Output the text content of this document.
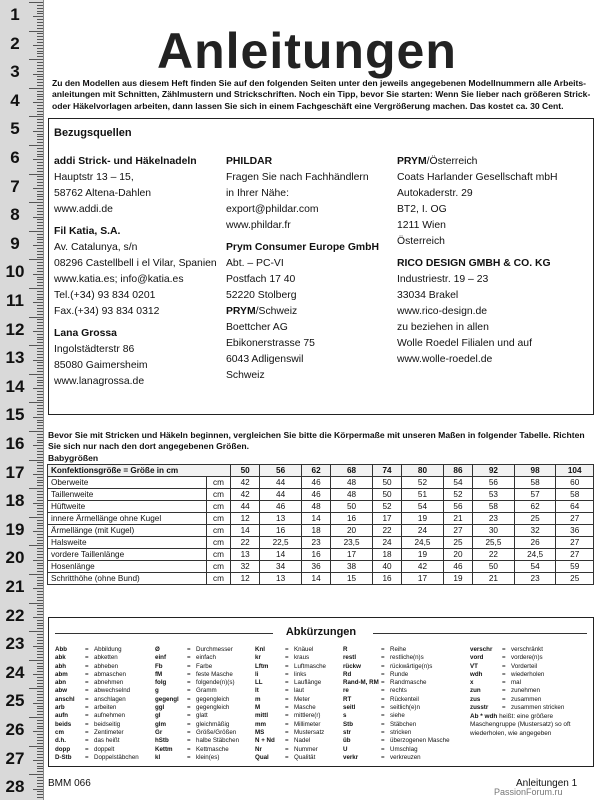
1
2
3
4
5
6
7
8
9
10
11
12
13
14
15
16
17
18
19
20
21
22
23
24
25
26
27
28
Anleitungen
Zu den Modellen aus diesem Heft finden Sie auf den folgenden Seiten unter den jeweils angegebenen Modellnummern alle Arbeitsanleitungen mit Schnitten, Zählmustern und Strickschriften. Noch ein Tipp, bevor Sie starten: Wenn Sie lieber nach größeren Strick- oder Häkelvorlagen arbeiten, dann lassen Sie sich in einem Fachgeschäft eine Vergrößerung machen. Das kostet ca. 30 Cent.
Bezugsquellen
addi Strick- und Häkelnadeln
Hauptstr 13 – 15,
58762 Altena-Dahlen
www.addi.de
Fil Katia, S.A.
Av. Catalunya, s/n
08296 Castellbell i el Vilar, Spanien
www.katia.es; info@katia.es
Tel.(+34) 93 834 0201
Fax.(+34) 93 834 0312
Lana Grossa
Ingolstädterstr 86
85080 Gaimersheim
www.lanagrossa.de
PHILDAR
Fragen Sie nach Fachhändlern
in Ihrer Nähe:
export@phildar.com
www.phildar.fr
Prym Consumer Europe GmbH
Abt. – PC-VI
Postfach 17 40
52220 Stolberg
PRYM/Schweiz
Boettcher AG
Ebikonerstrasse 75
6043 Adligenswil
Schweiz
PRYM/Österreich
Coats Harlander Gesellschaft mbH
Autokaderstr. 29
BT2, I. OG
1211 Wien
Österreich
RICO DESIGN GMBH & CO. KG
Industriestr. 19 – 23
33034 Brakel
www.rico-design.de
zu beziehen in allen
Wolle Roedel Filialen und auf
www.wolle-roedel.de
Bevor Sie mit Stricken und Häkeln beginnen, vergleichen Sie bitte die Körpermaße mit unseren Maßen in folgender Tabelle. Richten Sie sich nur nach den dort angegebenen Größen.
Babygrößen
Konfektionsgröße = Größe in cm		50	56	62	68	74	80	86	92	98	104
Oberweite	cm	42	44	46	48	50	52	54	56	58	60
Taillenweite	cm	42	44	46	48	50	51	52	53	57	58
Hüftweite	cm	44	46	48	50	52	54	56	58	62	64
innere Ärmellänge ohne Kugel	cm	12	13	14	16	17	19	21	23	25	27
Ärmellänge (mit Kugel)	cm	14	16	18	20	22	24	27	30	32	36
Halsweite	cm	22	22,5	23	23,5	24	24,5	25	25,5	26	27
vordere Taillenlänge	cm	13	14	16	17	18	19	20	22	24,5	27
Hosenlänge	cm	32	34	36	38	40	42	46	50	54	59
Schritthöhe (ohne Bund)	cm	12	13	14	15	16	17	19	21	23	25
Abkürzungen
Abb	= Abbildung
abk	= abketten
abh	= abheben
abm	= abmaschen
abn	= abnehmen
abw	= abwechselnd
anschl	= anschlagen
arb	= arbeiten
aufn	= aufnehmen
beids	= beidseitig
cm	= Zentimeter
d.h.	= das heißt
dopp	= doppelt
D-Stb	= Doppelstäbchen
Ø	= Durchmesser
einf	= einfach
Fb	= Farbe
fM	= feste Masche
folg	= folgende(n)(s)
g	= Gramm
gegengl	= gegengleich
ggl	= gegengleich
gl	= glatt
glm	= gleichmäßig
Gr	= Größe/Größen
hStb	= halbe Stäbchen
Kettm	= Kettmasche
kl	= klein(es)
Knl	= Knäuel
kr	= kraus
Lftm	= Luftmasche
li	= links
LL	= Lauflänge
lt	= laut
m	= Meter
M	= Masche
mittl	= mittlere(r)
mm	= Millimeter
MS	= Mustersatz
N + Nd	= Nadel
Nr	= Nummer
Qual	= Qualität
R	= Reihe
restl	= restliche(n)s
rückw	= rückwärtige(n)s
Rd	= Runde
Rand-M, RM = Randmasche
re	= rechts
RT	= Rückenteil
seitl	= seitlich(e)n
s	= siehe
Stb	= Stäbchen
str	= stricken
üb	= überzogenen Masche
U	= Umschlag
verkr	= verkreuzen
verschr	= verschränkt
vord	= vordere(n)s
VT	= Vorderteil
wdh	= wiederholen
x	= mal
zun	= zunehmen
zus	= zusammen
zusstr	= zusammen stricken
Ab * wdh heißt: eine größere Maschengruppe (Mustersatz) so oft wiederholen, wie angegeben
BMM 066	Anleitungen 1
PassionForum.ru
